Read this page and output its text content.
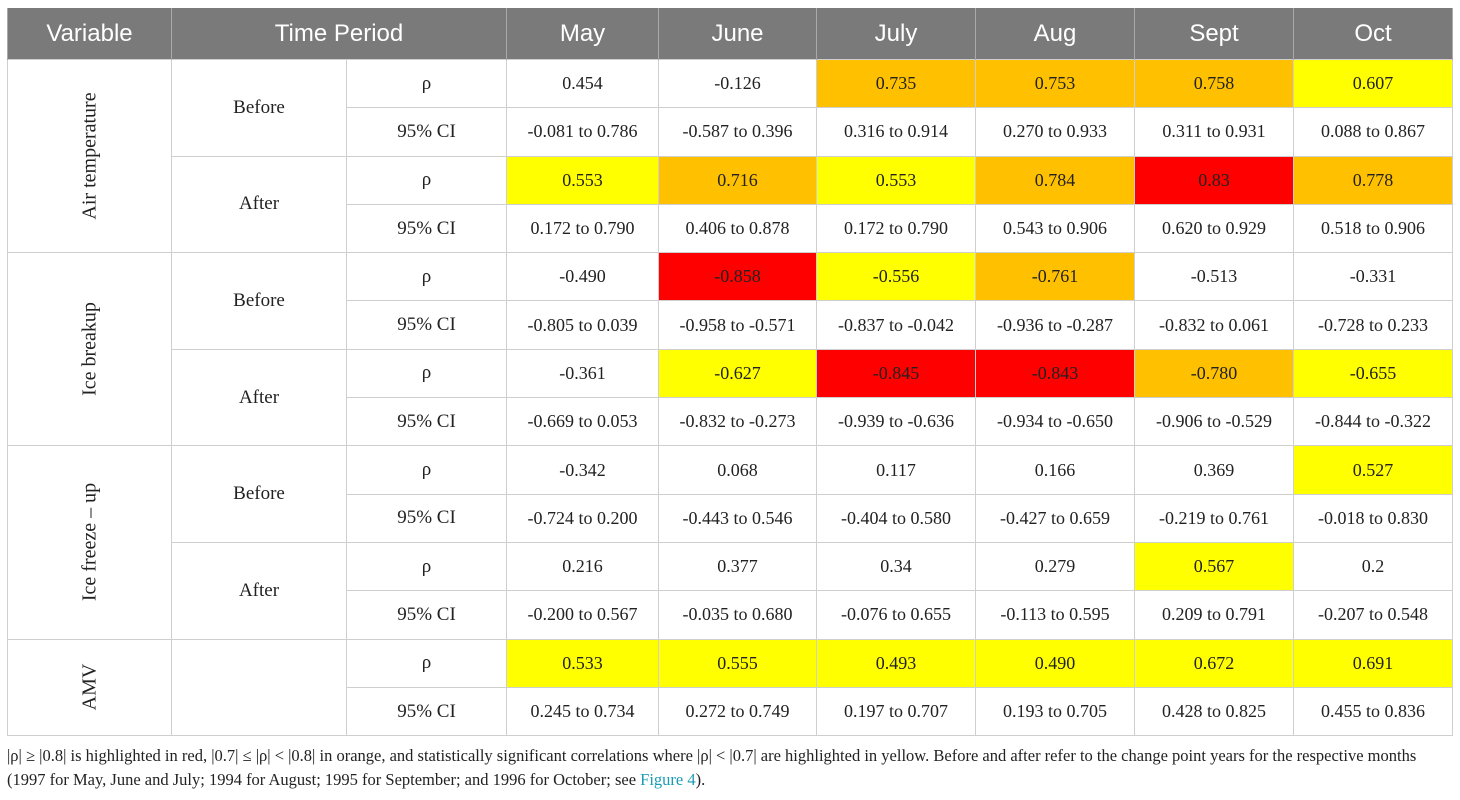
Variable	Time Period		May	June	July	Aug	Sept	Oct

Air temperature	Before	ρ	0.454	-0.126	0.735	0.753	0.758	0.607
		95% CI	-0.081 to 0.786	-0.587 to 0.396	0.316 to 0.914	0.270 to 0.933	0.311 to 0.931	0.088 to 0.867
	After	ρ	0.553	0.716	0.553	0.784	0.83	0.778
		95% CI	0.172 to 0.790	0.406 to 0.878	0.172 to 0.790	0.543 to 0.906	0.620 to 0.929	0.518 to 0.906

Ice breakup	Before	ρ	-0.490	-0.858	-0.556	-0.761	-0.513	-0.331
		95% CI	-0.805 to 0.039	-0.958 to -0.571	-0.837 to -0.042	-0.936 to -0.287	-0.832 to 0.061	-0.728 to 0.233
	After	ρ	-0.361	-0.627	-0.845	-0.843	-0.780	-0.655
		95% CI	-0.669 to 0.053	-0.832 to -0.273	-0.939 to -0.636	-0.934 to -0.650	-0.906 to -0.529	-0.844 to -0.322

Ice freeze – up	Before	ρ	-0.342	0.068	0.117	0.166	0.369	0.527
		95% CI	-0.724 to 0.200	-0.443 to 0.546	-0.404 to 0.580	-0.427 to 0.659	-0.219 to 0.761	-0.018 to 0.830
	After	ρ	0.216	0.377	0.34	0.279	0.567	0.2
		95% CI	-0.200 to 0.567	-0.035 to 0.680	-0.076 to 0.655	-0.113 to 0.595	0.209 to 0.791	-0.207 to 0.548

AMV		ρ	0.533	0.555	0.493	0.490	0.672	0.691
		95% CI	0.245 to 0.734	0.272 to 0.749	0.197 to 0.707	0.193 to 0.705	0.428 to 0.825	0.455 to 0.836
|ρ| ≥ |0.8| is highlighted in red, |0.7| ≤ |ρ| < |0.8| in orange, and statistically significant correlations where |ρ| < |0.7| are highlighted in yellow. Before and after refer to the change point years for the respective months (1997 for May, June and July; 1994 for August; 1995 for September; and 1996 for October; see Figure 4).
